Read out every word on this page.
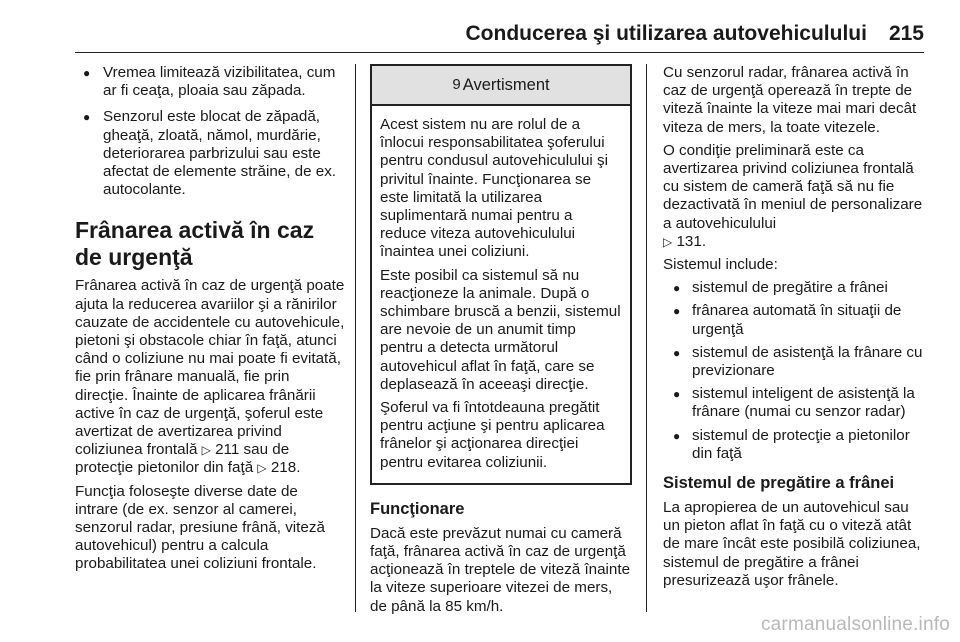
Conducerea şi utilizarea autovehiculului 215
● Vremea limitează vizibilitatea, cum ar fi ceaţa, ploaia sau zăpada.
● Senzorul este blocat de zăpadă, gheaţă, zloată, nămol, murdărie, deteriorarea parbrizului sau este afectat de elemente străine, de ex. autocolante.
Frânarea activă în caz de urgenţă

Frânarea activă în caz de urgenţă poate ajuta la reducerea avariilor şi a rănirilor cauzate de accidentele cu autovehicule, pietoni şi obstacole chiar în faţă, atunci când o coliziune nu mai poate fi evitată, fie prin frânare manuală, fie prin direcţie. Înainte de aplicarea frânării active în caz de urgenţă, şoferul este avertizat de avertizarea privind coliziunea frontală ▷ 211 sau de protecţie pietonilor din faţă ▷ 218.

Funcţia foloseşte diverse date de intrare (de ex. senzor al camerei, senzorul radar, presiune frână, viteză autovehicul) pentru a calcula probabilitatea unei coliziuni frontale.

9 Avertisment

Acest sistem nu are rolul de a înlocui responsabilitatea şoferului pentru condusul autovehiculului şi privitul înainte. Funcţionarea se este limitată la utilizarea suplimentară numai pentru a reduce viteza autovehiculului înaintea unei coliziuni.

Este posibil ca sistemul să nu reacţioneze la animale. După o schimbare bruscă a benzii, sistemul are nevoie de un anumit timp pentru a detecta următorul autovehicul aflat în faţă, care se deplasează în aceeaşi direcţie.

Şoferul va fi întotdeauna pregătit pentru acţiune şi pentru aplicarea frânelor şi acţionarea direcţiei pentru evitarea coliziunii.

Funcţionare

Dacă este prevăzut numai cu cameră faţă, frânarea activă în caz de urgenţă acţionează în treptele de viteză înainte la viteze superioare vitezei de mers, de până la 85 km/h.

Cu senzorul radar, frânarea activă în caz de urgenţă operează în trepte de viteză înainte la viteze mai mari decât viteza de mers, la toate vitezele.

O condiţie preliminară este ca avertizarea privind coliziunea frontală cu sistem de cameră faţă să nu fie dezactivată în meniul de personalizare a autovehiculului
▷ 131.

Sistemul include:

● sistemul de pregătire a frânei
● frânarea automată în situaţii de urgenţă
● sistemul de asistenţă la frânare cu previzionare
● sistemul inteligent de asistenţă la frânare (numai cu senzor radar)
● sistemul de protecţie a pietonilor din faţă
Sistemul de pregătire a frânei

La apropierea de un autovehicul sau un pieton aflat în faţă cu o viteză atât de mare încât este posibilă coliziunea, sistemul de pregătire a frânei presurizează uşor frânele.

carmanualsonline.info
